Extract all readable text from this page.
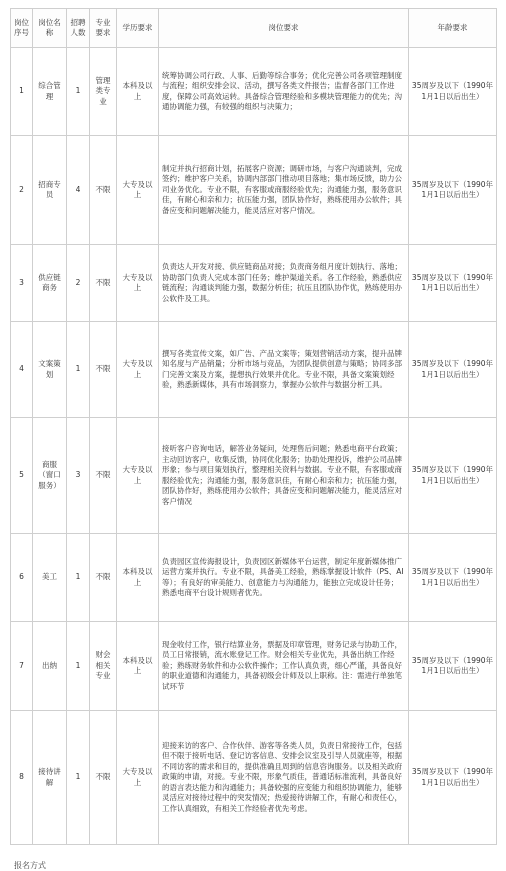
岗位序号	岗位名称	招聘人数	专业要求	学历要求	岗位要求	年龄要求
1	综合管理	1	管理类专业	本科及以上	统筹协调公司行政、人事、后勤等综合事务；优化完善公司各项管理制度与流程；组织安排会议、活动，撰写各类文件报告；监督各部门工作进度，保障公司高效运转。具备综合管理经验和多模块管理能力的优先；沟通协调能力强，有较强的组织与决策力；	35周岁及以下（1990年1月1日以后出生）
2	招商专员	4	不限	大专及以上	制定并执行招商计划，拓展客户资源；调研市场，与客户沟通谈判，完成签约；维护客户关系，协调内部部门推动项目落地；集市场反馈，助力公司业务优化。专业不限，有客服或商服经验优先；沟通能力强，服务意识佳，有耐心和亲和力；抗压能力强，团队协作好，熟练使用办公软件；具备应变和问题解决能力，能灵活应对客户情况。	35周岁及以下（1990年1月1日以后出生）
3	供应链商务	2	不限	大专及以上	负责达人开发对接、供应链商品对接；负责商务组月度计划执行、落地；协助部门负责人完成本部门任务；维护渠道关系。各工作经验，熟悉供应链流程；沟通谈判能力强，数据分析佳；抗压且团队协作优，熟练使用办公软件及工具。	35周岁及以下（1990年1月1日以后出生）
4	文案策划	1	不限	大专及以上	撰写各类宣传文案，如广告、产品文案等；策划营销活动方案，提升品牌知名度与产品销量；分析市场与竞品，为团队提供创意与策略；协同多部门完善文案及方案，提想执行效果并优化。专业不限，具备文案策划经验，熟悉新媒体，具有市场洞察力，掌握办公软件与数据分析工具。	35周岁及以下（1990年1月1日以后出生）
5	商服（窗口服务）	3	不限	大专及以上	接听客户咨询电话，解答业务疑问，处理售后问题；熟悉电商平台政策；主动回访客户，收集反馈，协同优化服务；协助处理投诉，维护公司品牌形象；参与项目策划执行，整理相关资料与数据。专业不限，有客服或商服经验优先；沟通能力强，服务意识佳，有耐心和亲和力；抗压能力强，团队协作好，熟练使用办公软件；具备应变和问题解决能力，能灵活应对客户情况	35周岁及以下（1990年1月1日以后出生）
6	美工	1	不限	本科及以上	负责园区宣传海报设计，负责园区新媒体平台运营，制定年度新媒体推广运营方案并执行。专业不限，具备美工经验，熟练掌握设计软件（PS、AI 等）；有良好的审美能力、创意能力与沟通能力，能独立完成设计任务；熟悉电商平台设计规则者优先。	35周岁及以下（1990年1月1日以后出生）
7	出纳	1	财会相关专业	本科及以上	现金收付工作，银行结算业务，票据及印章管理，财务记录与协助工作，员工日常报销，流水账登记工作。财会相关专业优先，具备出纳工作经验；熟练财务软件和办公软件操作；工作认真负责，细心严谨，具备良好的职业道德和沟通能力，具备初级会计师及以上职称。注：需进行单独笔试环节	35周岁及以下（1990年1月1日以后出生）
8	接待讲解	1	不限	大专及以上	迎接来访的客户、合作伙伴、游客等各类人员，负责日常接待工作，包括但不限于接听电话、登记访客信息、安排会议室及引导人员就座等，根据不同访客的需求和目的，提供准确且周到的信息咨询服务。以及相关政府政策的申请，对接。专业不限，形象气质佳，普通话标准流利，具备良好的语言表达能力和沟通能力；具备较强的应变能力和组织协调能力，能够灵活应对接待过程中的突发情况；热爱接待讲解工作，有耐心和责任心，工作认真细致，有相关工作经验者优先考虑。	35周岁及以下（1990年1月1日以后出生）
报名方式
